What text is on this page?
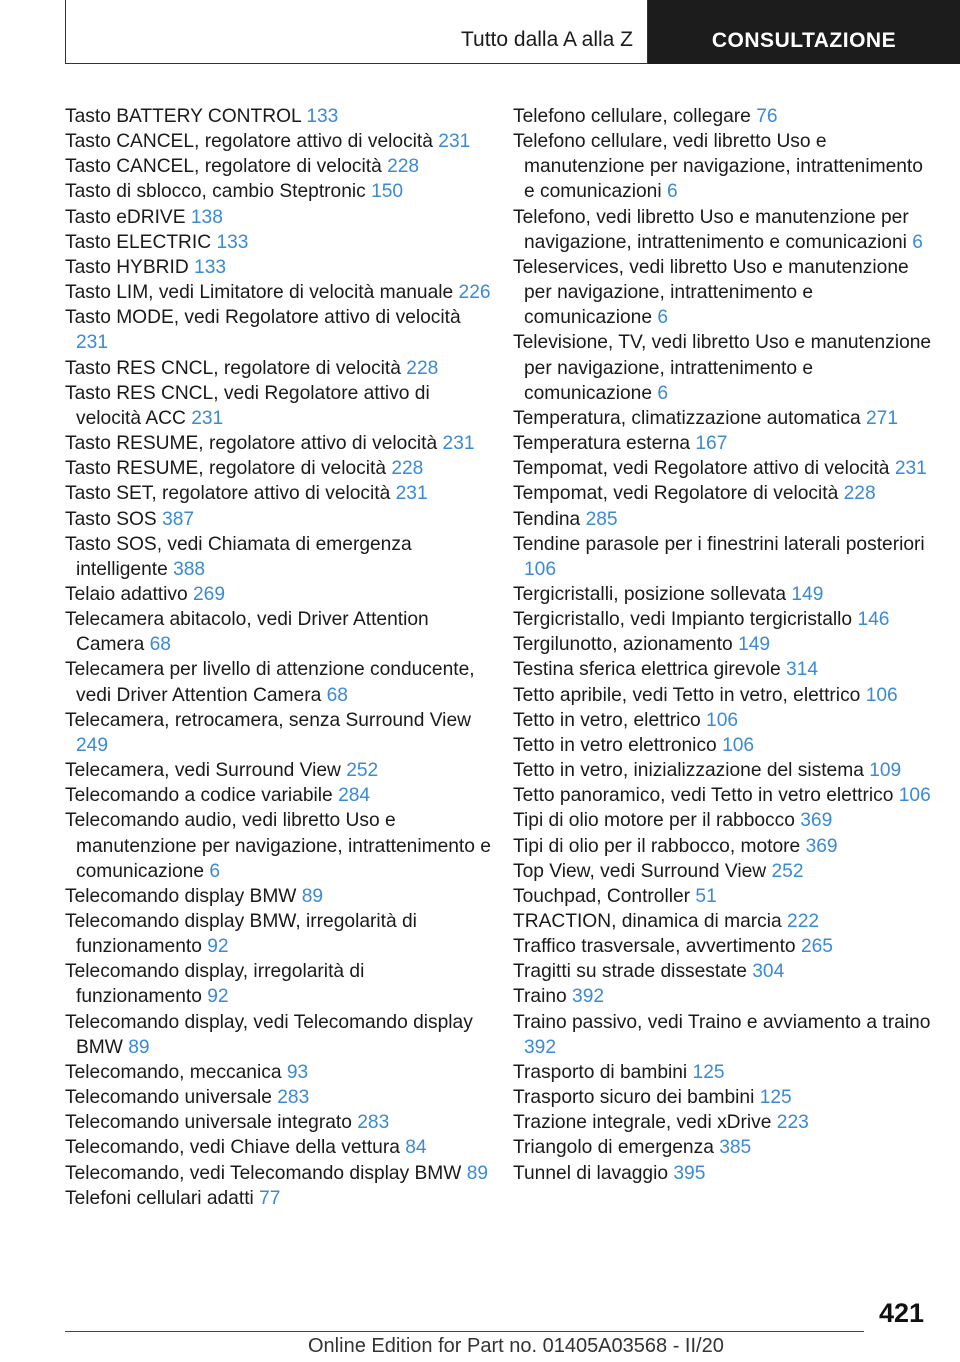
Tutto dalla A alla Z	CONSULTAZIONE
Tasto BATTERY CONTROL 133
Tasto CANCEL, regolatore attivo di velocità 231
Tasto CANCEL, regolatore di velocità 228
Tasto di sblocco, cambio Steptronic 150
Tasto eDRIVE 138
Tasto ELECTRIC 133
Tasto HYBRID 133
Tasto LIM, vedi Limitatore di velocità manuale 226
Tasto MODE, vedi Regolatore attivo di velocità 231
Tasto RES CNCL, regolatore di velocità 228
Tasto RES CNCL, vedi Regolatore attivo di velocità ACC 231
Tasto RESUME, regolatore attivo di velocità 231
Tasto RESUME, regolatore di velocità 228
Tasto SET, regolatore attivo di velocità 231
Tasto SOS 387
Tasto SOS, vedi Chiamata di emergenza intelligente 388
Telaio adattivo 269
Telecamera abitacolo, vedi Driver Attention Camera 68
Telecamera per livello di attenzione conducente, vedi Driver Attention Camera 68
Telecamera, retrocamera, senza Surround View 249
Telecamera, vedi Surround View 252
Telecomando a codice variabile 284
Telecomando audio, vedi libretto Uso e manutenzione per navigazione, intrattenimento e comunicazione 6
Telecomando display BMW 89
Telecomando display BMW, irregolarità di funzionamento 92
Telecomando display, irregolarità di funzionamento 92
Telecomando display, vedi Telecomando display BMW 89
Telecomando, meccanica 93
Telecomando universale 283
Telecomando universale integrato 283
Telecomando, vedi Chiave della vettura 84
Telecomando, vedi Telecomando display BMW 89
Telefoni cellulari adatti 77
Telefono cellulare, collegare 76
Telefono cellulare, vedi libretto Uso e manutenzione per navigazione, intrattenimento e comunicazioni 6
Telefono, vedi libretto Uso e manutenzione per navigazione, intrattenimento e comunicazioni 6
Teleservices, vedi libretto Uso e manutenzione per navigazione, intrattenimento e comunicazione 6
Televisione, TV, vedi libretto Uso e manutenzione per navigazione, intrattenimento e comunicazione 6
Temperatura, climatizzazione automatica 271
Temperatura esterna 167
Tempomat, vedi Regolatore attivo di velocità 231
Tempomat, vedi Regolatore di velocità 228
Tendina 285
Tendine parasole per i finestrini laterali posteriori 106
Tergicristalli, posizione sollevata 149
Tergicristallo, vedi Impianto tergicristallo 146
Tergilunotto, azionamento 149
Testina sferica elettrica girevole 314
Tetto apribile, vedi Tetto in vetro, elettrico 106
Tetto in vetro, elettrico 106
Tetto in vetro elettronico 106
Tetto in vetro, inizializzazione del sistema 109
Tetto panoramico, vedi Tetto in vetro elettrico 106
Tipi di olio motore per il rabbocco 369
Tipi di olio per il rabbocco, motore 369
Top View, vedi Surround View 252
Touchpad, Controller 51
TRACTION, dinamica di marcia 222
Traffico trasversale, avvertimento 265
Tragitti su strade dissestate 304
Traino 392
Traino passivo, vedi Traino e avviamento a traino 392
Trasporto di bambini 125
Trasporto sicuro dei bambini 125
Trazione integrale, vedi xDrive 223
Triangolo di emergenza 385
Tunnel di lavaggio 395
421
Online Edition for Part no. 01405A03568 - II/20
